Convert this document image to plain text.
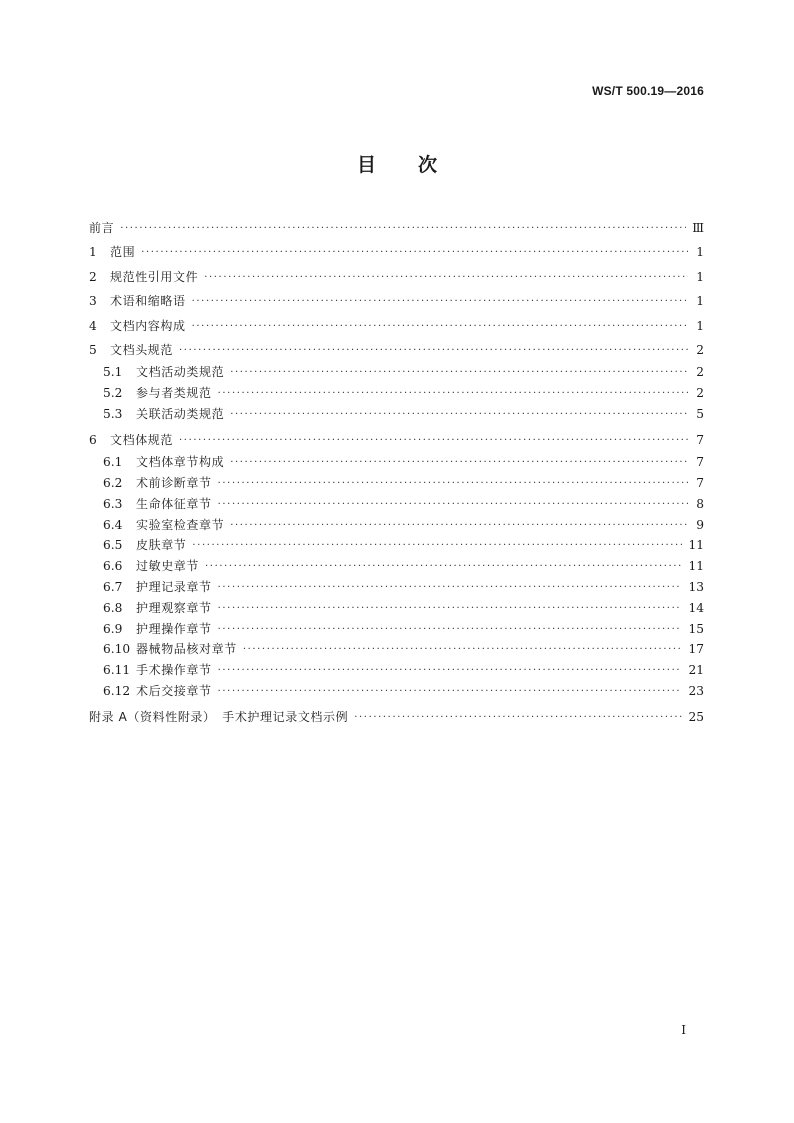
WS/T 500.19—2016
目次
前言 ·····	Ⅲ
1	范围 ·····	1
2	规范性引用文件 ·····	1
3	术语和缩略语 ·····	1
4	文档内容构成 ·····	1
5	文档头规范 ·····	2
5.1	文档活动类规范 ·····	2
5.2	参与者类规范 ·····	2
5.3	关联活动类规范 ·····	5
6	文档体规范 ·····	7
6.1	文档体章节构成 ·····	7
6.2	术前诊断章节 ·····	7
6.3	生命体征章节 ·····	8
6.4	实验室检查章节 ·····	9
6.5	皮肤章节 ·····	11
6.6	过敏史章节 ·····	11
6.7	护理记录章节 ·····	13
6.8	护理观察章节 ·····	14
6.9	护理操作章节 ·····	15
6.10 器械物品核对章节 ·····	17
6.11 手术操作章节 ·····	21
6.12 术后交接章节 ·····	23
附录 A（资料性附录）　手术护理记录文档示例 ·····	25
I
